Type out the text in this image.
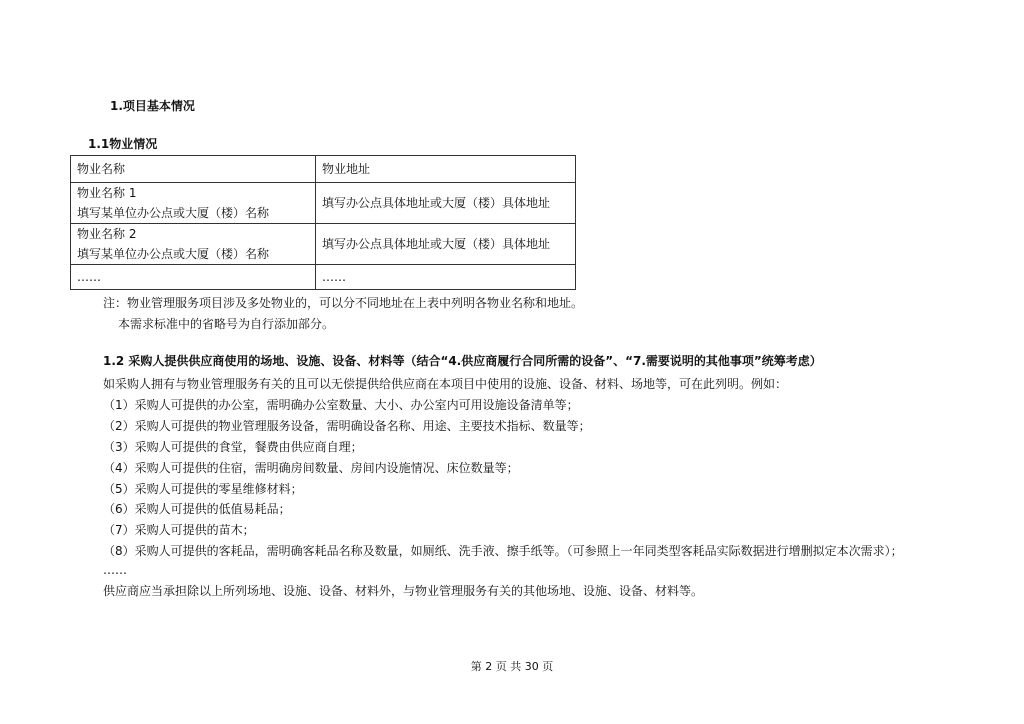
1.项目基本情况
1.1物业情况
物业名称	物业地址

物业名称 1
填写某单位办公点或大厦（楼）名称	填写办公点具体地址或大厦（楼）具体地址

物业名称 2
填写某单位办公点或大厦（楼）名称	填写办公点具体地址或大厦（楼）具体地址
……	……
注：物业管理服务项目涉及多处物业的，可以分不同地址在上表中列明各物业名称和地址。
本需求标准中的省略号为自行添加部分。
1.2 采购人提供供应商使用的场地、设施、设备、材料等（结合“4.供应商履行合同所需的设备”、“7.需要说明的其他事项”统筹考虑）
如采购人拥有与物业管理服务有关的且可以无偿提供给供应商在本项目中使用的设施、设备、材料、场地等，可在此列明。例如：
（1）采购人可提供的办公室，需明确办公室数量、大小、办公室内可用设施设备清单等；
（2）采购人可提供的物业管理服务设备，需明确设备名称、用途、主要技术指标、数量等；
（3）采购人可提供的食堂，餐费由供应商自理；
（4）采购人可提供的住宿，需明确房间数量、房间内设施情况、床位数量等；
（5）采购人可提供的零星维修材料；
（6）采购人可提供的低值易耗品；
（7）采购人可提供的苗木；
（8）采购人可提供的客耗品，需明确客耗品名称及数量，如厕纸、洗手液、擦手纸等。（可参照上一年同类型客耗品实际数据进行增删拟定本次需求）；
……
供应商应当承担除以上所列场地、设施、设备、材料外，与物业管理服务有关的其他场地、设施、设备、材料等。
第 2 页 共 30 页
